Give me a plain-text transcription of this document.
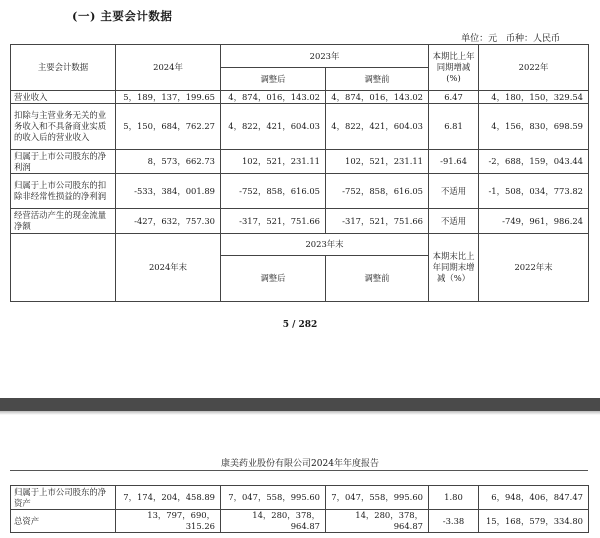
(一) 主要会计数据
单位：元 币种：人民币
主要会计数据	2024年	2023年		本期比上年同期增减(%)	2022年
		调整后	调整前		
营业收入	5，189，137，199.65	4，874，016，143.02	4，874，016，143.02	6.47	4，180，150，329.54
扣除与主营业务无关的业务收入和不具备商业实质的收入后的营业收入	5，150，684，762.27	4，822，421，604.03	4，822，421，604.03	6.81	4，156，830，698.59
归属于上市公司股东的净利润	8，573，662.73	102，521，231.11	102，521，231.11	-91.64	-2，688，159，043.44
归属于上市公司股东的扣除非经常性损益的净利润	-533，384，001.89	-752，858，616.05	-752，858，616.05	不适用	-1，508，034，773.82
经营活动产生的现金流量净额	-427，632，757.30	-317，521，751.66	-317，521，751.66	不适用	-749，961，986.24
	2024年末	2023年末		本期末比上年同期末增减（%）	2022年末
		调整后	调整前		
5 / 282
康美药业股份有限公司2024年年度报告
归属于上市公司股东的净资产	7，174，204，458.89	7，047，558，995.60	7，047，558，995.60	1.80	6，948，406，847.47
总资产	13，797，690，315.26	14，280，378，964.87	14，280，378，964.87	-3.38	15，168，579，334.80
